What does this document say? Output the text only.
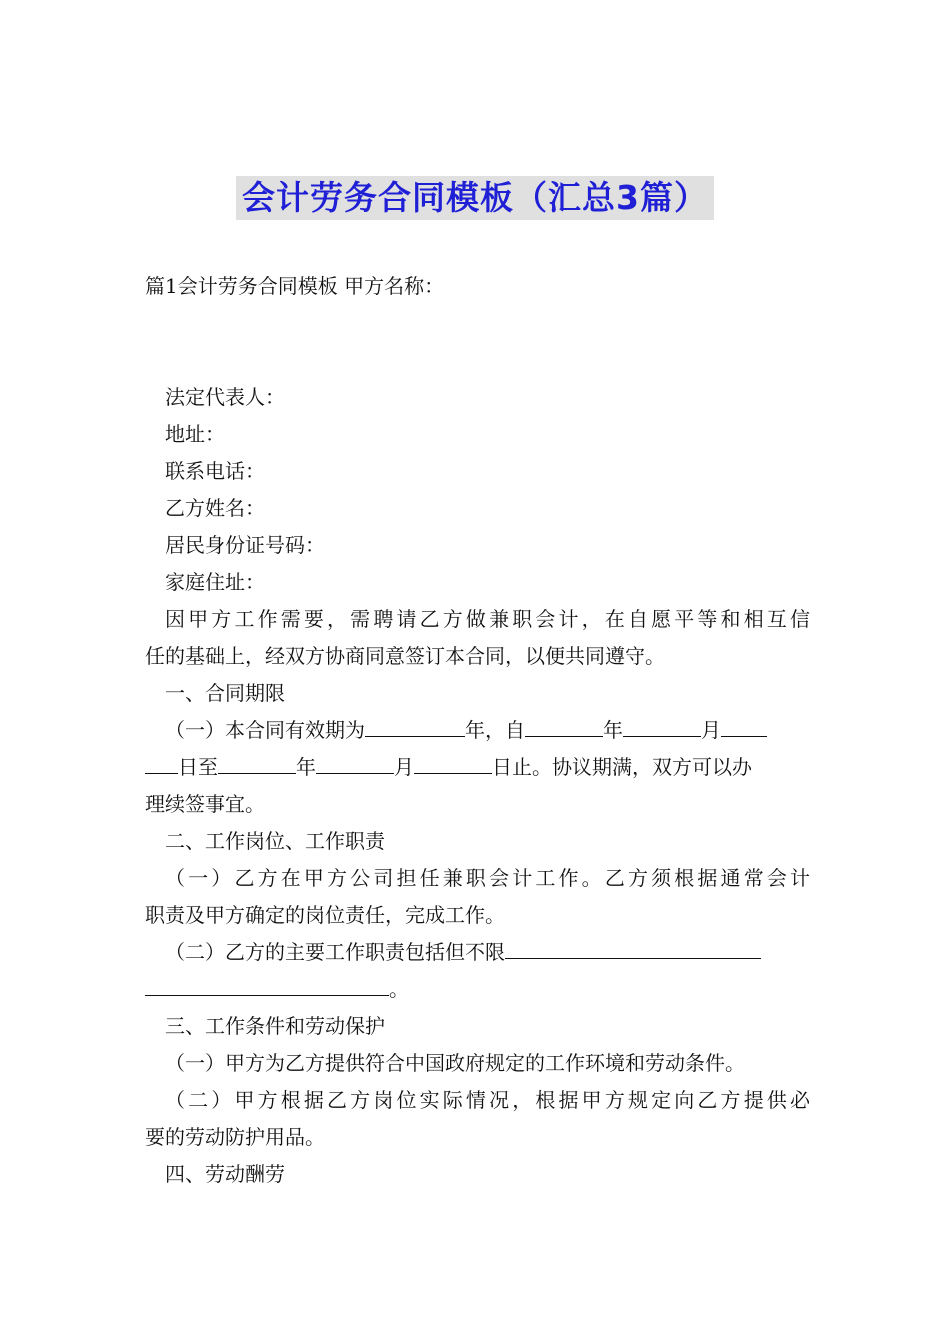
会计劳务合同模板（汇总3篇）
篇1会计劳务合同模板 甲方名称：
法定代表人：
地址：
联系电话：
乙方姓名：
居民身份证号码：
家庭住址：
因甲方工作需要，需聘请乙方做兼职会计，在自愿平等和相互信
任的基础上，经双方协商同意签订本合同，以便共同遵守。
一、合同期限
（一）本合同有效期为	年，自	年	月
日至	年	月	日止。协议期满，双方可以办
理续签事宜。
二、工作岗位、工作职责
（一）乙方在甲方公司担任兼职会计工作。乙方须根据通常会计
职责及甲方确定的岗位责任，完成工作。
（二）乙方的主要工作职责包括但不限
。
三、工作条件和劳动保护
（一）甲方为乙方提供符合中国政府规定的工作环境和劳动条件。
（二）甲方根据乙方岗位实际情况，根据甲方规定向乙方提供必
要的劳动防护用品。
四、劳动酬劳
